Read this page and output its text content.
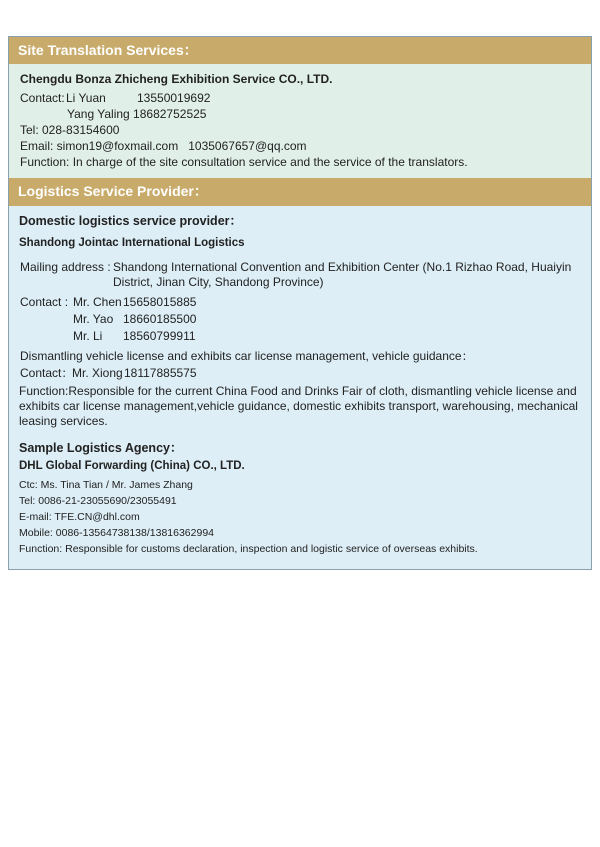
Site Translation Services：
Chengdu Bonza Zhicheng Exhibition Service CO., LTD.
Contact: Li Yuan	13550019692
Yang Yaling 18682752525
Tel: 028-83154600
Email: simon19@foxmail.com   1035067657@qq.com
Function: In charge of the site consultation service and the service of the translators.
Logistics Service Provider：
Domestic logistics service provider：
Shandong Jointac International Logistics
Mailing address : Shandong International Convention and Exhibition Center (No.1 Rizhao Road, Huaiyin District, Jinan City, Shandong Province)
Contact : Mr. Chen 15658015885
Mr. Yao 18660185500
Mr. Li	18560799911
Dismantling vehicle license and exhibits car license management, vehicle guidance：
Contact：
Mr. Xiong 18117885575
Function:Responsible for the current China Food and Drinks Fair of cloth, dismantling vehicle license and exhibits car license management,vehicle guidance, domestic exhibits transport, warehousing, mechanical leasing services.
Sample Logistics Agency：
DHL Global Forwarding (China) CO., LTD.
Ctc: Ms. Tina Tian / Mr. James Zhang
Tel: 0086-21-23055690/23055491
E-mail: TFE.CN@dhl.com
Mobile: 0086-13564738138/13816362994
Function: Responsible for customs declaration, inspection and logistic service of overseas exhibits.
